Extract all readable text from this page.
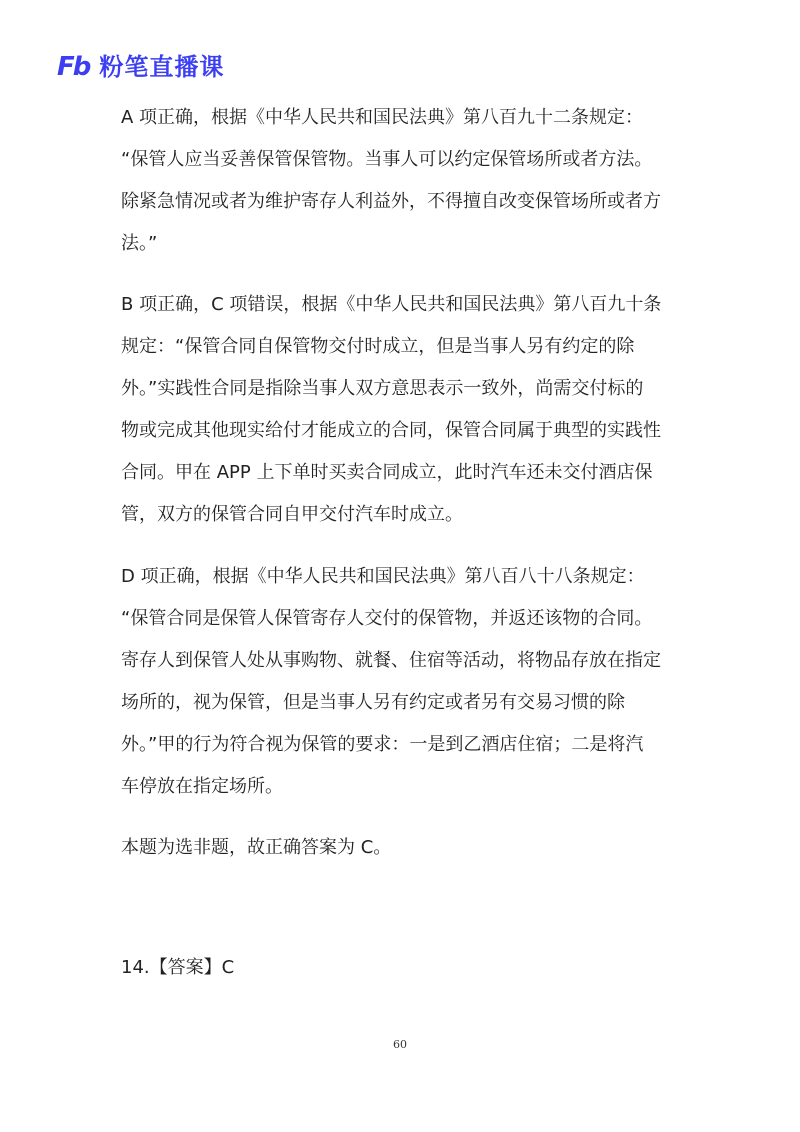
Fb 粉笔直播课
A 项正确，根据《中华人民共和国民法典》第八百九十二条规定：
“保管人应当妥善保管保管物。当事人可以约定保管场所或者方法。
除紧急情况或者为维护寄存人利益外，不得擅自改变保管场所或者方
法。”
B 项正确，C 项错误，根据《中华人民共和国民法典》第八百九十条
规定：“保管合同自保管物交付时成立，但是当事人另有约定的除
外。”实践性合同是指除当事人双方意思表示一致外，尚需交付标的
物或完成其他现实给付才能成立的合同，保管合同属于典型的实践性
合同。甲在 APP 上下单时买卖合同成立，此时汽车还未交付酒店保
管，双方的保管合同自甲交付汽车时成立。
D 项正确，根据《中华人民共和国民法典》第八百八十八条规定：
“保管合同是保管人保管寄存人交付的保管物，并返还该物的合同。
寄存人到保管人处从事购物、就餐、住宿等活动，将物品存放在指定
场所的，视为保管，但是当事人另有约定或者另有交易习惯的除
外。”甲的行为符合视为保管的要求：一是到乙酒店住宿；二是将汽
车停放在指定场所。
本题为选非题，故正确答案为 C。
14.【答案】C
60
